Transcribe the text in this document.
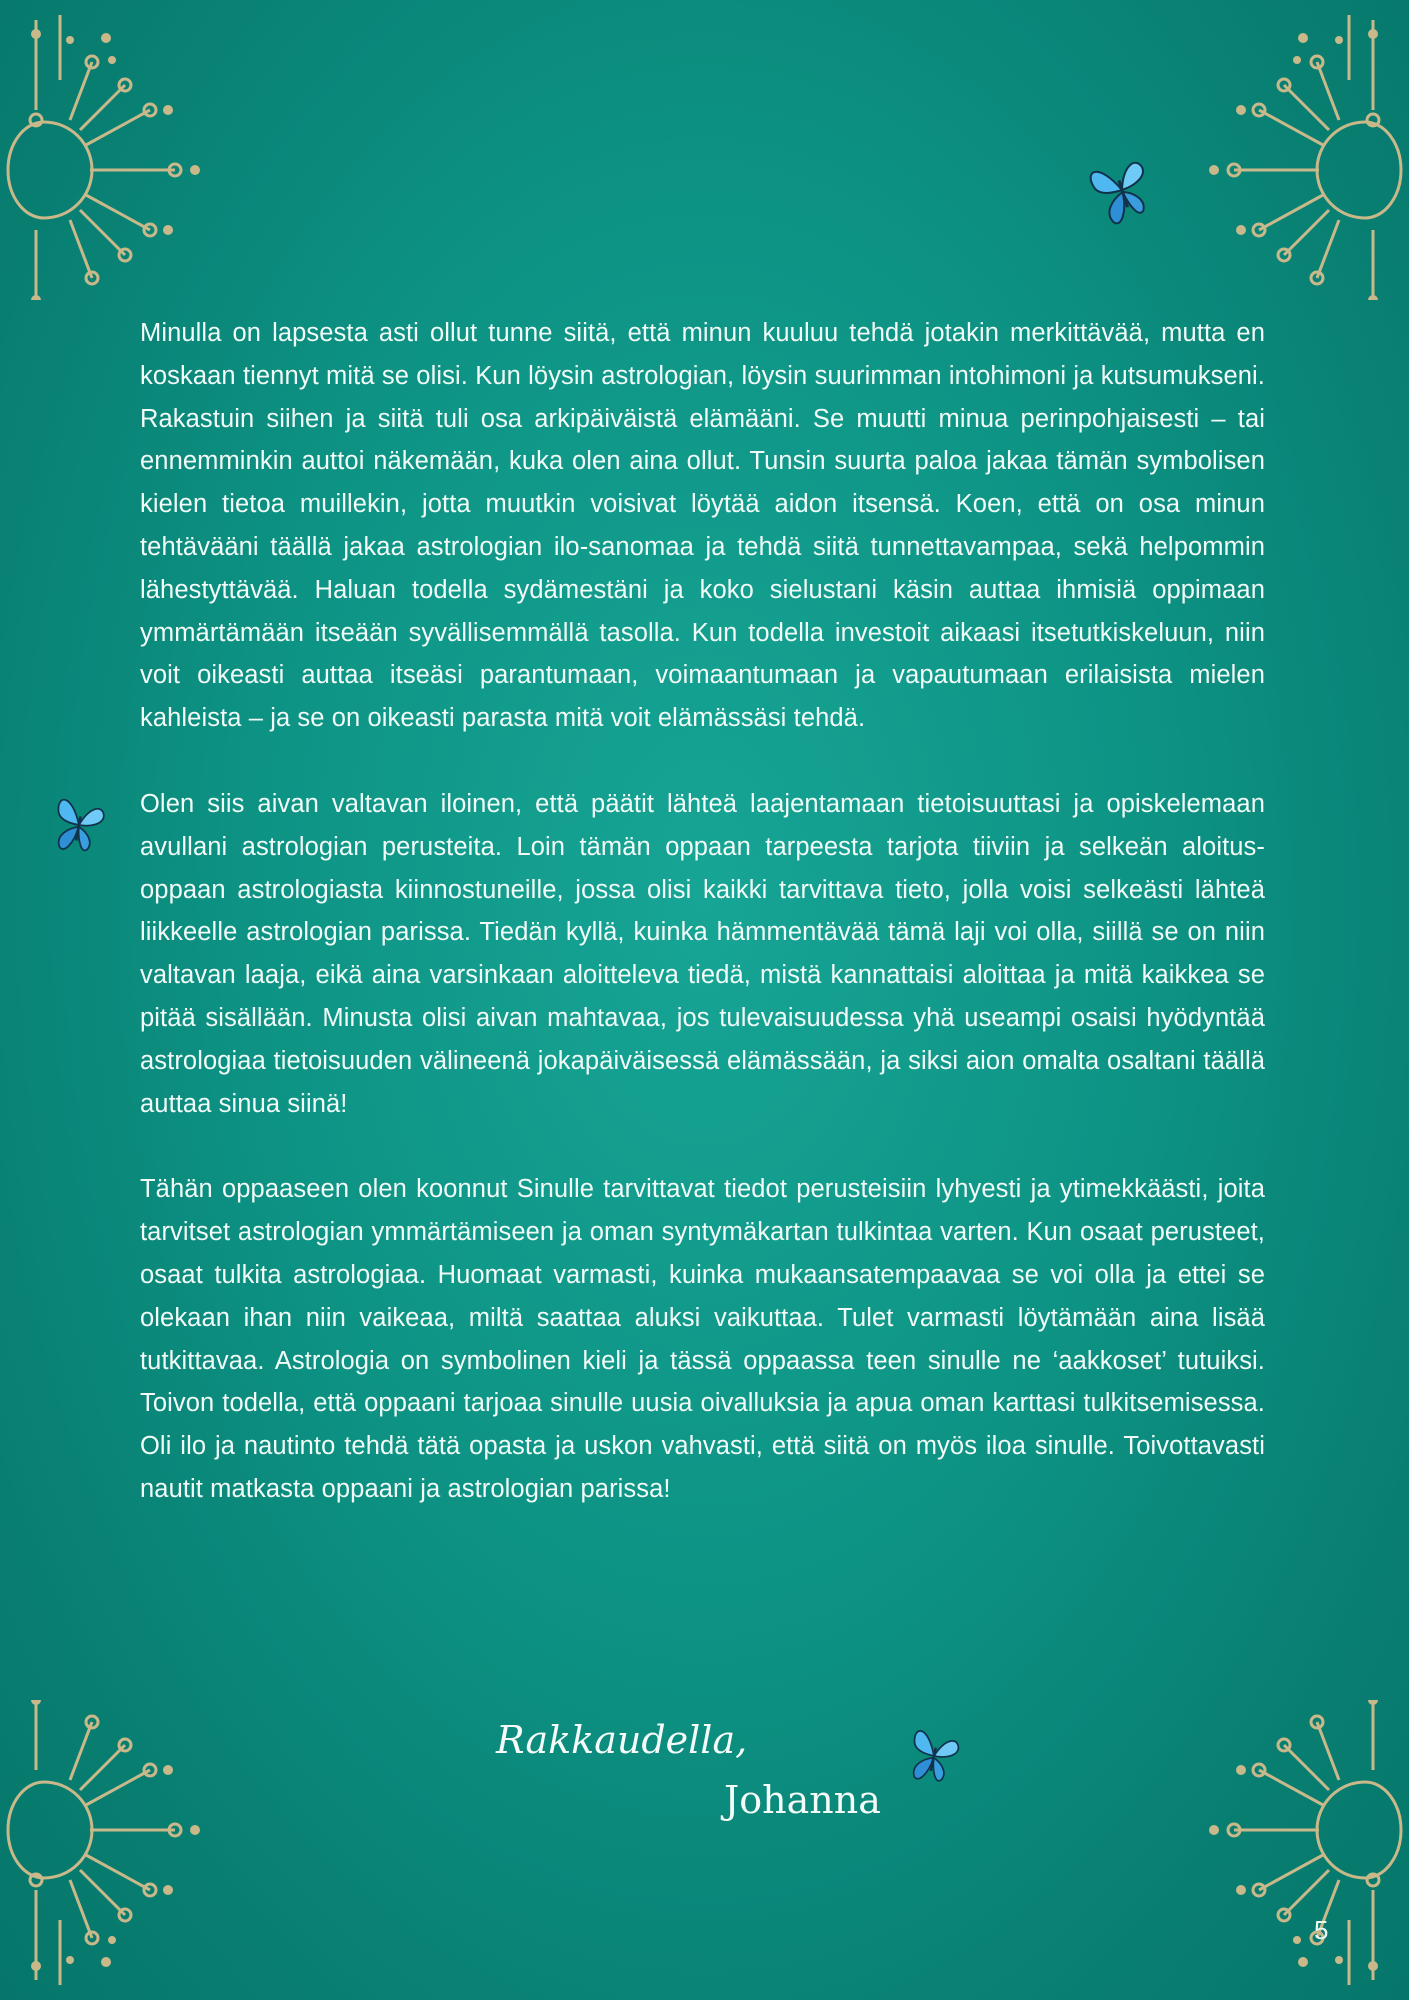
Minulla on lapsesta asti ollut tunne siitä, että minun kuuluu tehdä jotakin merkittävää, mutta en koskaan tiennyt mitä se olisi. Kun löysin astrologian, löysin suurimman intohimoni ja kutsumukseni. Rakastuin siihen ja siitä tuli osa arkipäiväistä elämääni. Se muutti minua perinpohjaisesti – tai ennemminkin auttoi näkemään, kuka olen aina ollut. Tunsin suurta paloa jakaa tämän symbolisen kielen tietoa muillekin, jotta muutkin voisivat löytää aidon itsensä. Koen, että on osa minun tehtävääni täällä jakaa astrologian ilo-sanomaa ja tehdä siitä tunnettavampaa, sekä helpommin lähestyttävää. Haluan todella sydämestäni ja koko sielustani käsin auttaa ihmisiä oppimaan ymmärtämään itseään syvällisemmällä tasolla. Kun todella investoit aikaasi itsetutkiskeluun, niin voit oikeasti auttaa itseäsi parantumaan, voimaantumaan ja vapautumaan erilaisista mielen kahleista – ja se on oikeasti parasta mitä voit elämässäsi tehdä.

Olen siis aivan valtavan iloinen, että päätit lähteä laajentamaan tietoisuuttasi ja opiskelemaan avullani astrologian perusteita. Loin tämän oppaan tarpeesta tarjota tiiviin ja selkeän aloitus-oppaan astrologiasta kiinnostuneille, jossa olisi kaikki tarvittava tieto, jolla voisi selkeästi lähteä liikkeelle astrologian parissa. Tiedän kyllä, kuinka hämmentävää tämä laji voi olla, siillä se on niin valtavan laaja, eikä aina varsinkaan aloitteleva tiedä, mistä kannattaisi aloittaa ja mitä kaikkea se pitää sisällään. Minusta olisi aivan mahtavaa, jos tulevaisuudessa yhä useampi osaisi hyödyntää astrologiaa tietoisuuden välineenä jokapäiväisessä elämässään, ja siksi aion omalta osaltani täällä auttaa sinua siinä!

Tähän oppaaseen olen koonnut Sinulle tarvittavat tiedot perusteisiin lyhyesti ja ytimekkäästi, joita tarvitset astrologian ymmärtämiseen ja oman syntymäkartan tulkintaa varten. Kun osaat perusteet, osaat tulkita astrologiaa. Huomaat varmasti, kuinka mukaansatempaavaa se voi olla ja ettei se olekaan ihan niin vaikeaa, miltä saattaa aluksi vaikuttaa. Tulet varmasti löytämään aina lisää tutkittavaa. Astrologia on symbolinen kieli ja tässä oppaassa teen sinulle ne ‘aakkoset’ tutuiksi. Toivon todella, että oppaani tarjoaa sinulle uusia oivalluksia ja apua oman karttasi tulkitsemisessa. Oli ilo ja nautinto tehdä tätä opasta ja uskon vahvasti, että siitä on myös iloa sinulle. Toivottavasti nautit matkasta oppaani ja astrologian parissa!

Rakkaudella,
Johanna
5
